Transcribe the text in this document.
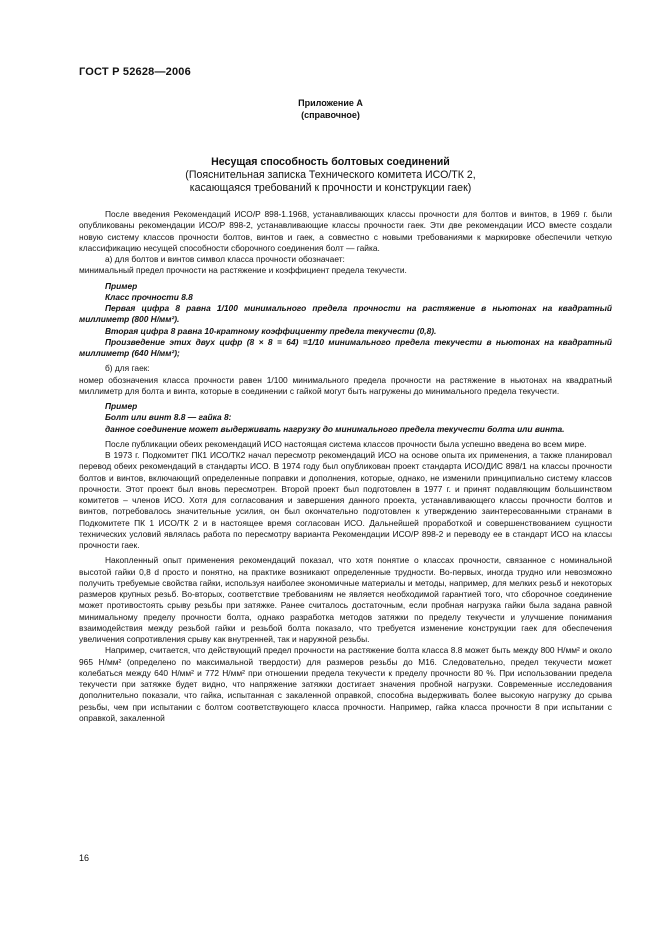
ГОСТ Р 52628—2006
Приложение А
(справочное)
Несущая способность болтовых соединений
(Пояснительная записка Технического комитета ИСО/ТК 2,
касающаяся требований к прочности и конструкции гаек)

После введения Рекомендаций ИСО/Р 898-1.1968, устанавливающих классы прочности для болтов и винтов, в 1969 г. были опубликованы рекомендации ИСО/Р 898-2, устанавливающие классы прочности гаек. Эти две рекомендации ИСО вместе создали новую систему классов прочности болтов, винтов и гаек, а совместно с новыми требованиями к маркировке обеспечили четкую классификацию несущей способности сборочного соединения болт — гайка.

а) для болтов и винтов символ класса прочности обозначает:

минимальный предел прочности на растяжение и коэффициент предела текучести.

Пример

Класс прочности 8.8

Первая цифра 8 равна 1/100 минимального предела прочности на растяжение в ньютонах на квадратный миллиметр (800 Н/мм²).

Вторая цифра 8 равна 10-кратному коэффициенту предела текучести (0,8).

Произведение этих двух цифр (8 × 8 = 64) =1/10 минимального предела текучести в ньютонах на квадратный миллиметр (640 Н/мм²);

б) для гаек:

номер обозначения класса прочности равен 1/100 минимального предела прочности на растяжение в ньютонах на квадратный миллиметр для болта и винта, которые в соединении с гайкой могут быть нагружены до минимального предела текучести.

Пример

Болт или винт 8.8 — гайка 8:

данное соединение может выдерживать нагрузку до минимального предела текучести болта или винта.

После публикации обеих рекомендаций ИСО настоящая система классов прочности была успешно введена во всем мире.

В 1973 г. Подкомитет ПК1 ИСО/ТК2 начал пересмотр рекомендаций ИСО на основе опыта их применения, а также планировал перевод обеих рекомендаций в стандарты ИСО. В 1974 году был опубликован проект стандарта ИСО/ДИС 898/1 на классы прочности болтов и винтов, включающий определенные поправки и дополнения, которые, однако, не изменили принципиально систему классов прочности. Этот проект был вновь пересмотрен. Второй проект был подготовлен в 1977 г. и принят подавляющим большинством комитетов – членов ИСО. Хотя для согласования и завершения данного проекта, устанавливающего классы прочности болтов и винтов, потребовалось значительные усилия, он был окончательно подготовлен к утверждению заинтересованными странами в Подкомитете ПК 1 ИСО/ТК 2 и в настоящее время согласован ИСО. Дальнейшей проработкой и совершенствованием сущности технических условий являлась работа по пересмотру варианта Рекомендации ИСО/Р 898-2 и переводу ее в стандарт ИСО на классы прочности гаек.

Накопленный опыт применения рекомендаций показал, что хотя понятие о классах прочности, связанное с номинальной высотой гайки 0,8 d просто и понятно, на практике возникают определенные трудности. Во-первых, иногда трудно или невозможно получить требуемые свойства гайки, используя наиболее экономичные материалы и методы, например, для мелких резьб и некоторых размеров крупных резьб. Во-вторых, соответствие требованиям не является необходимой гарантией того, что сборочное соединение может противостоять срыву резьбы при затяжке. Ранее считалось достаточным, если пробная нагрузка гайки была задана равной минимальному пределу прочности болта, однако разработка методов затяжки по пределу текучести и улучшение понимания взаимодействия между резьбой гайки и резьбой болта показало, что требуется изменение конструкции гаек для обеспечения увеличения сопротивления срыву как внутренней, так и наружной резьбы.

Например, считается, что действующий предел прочности на растяжение болта класса 8.8 может быть между 800 Н/мм² и около 965 Н/мм² (определено по максимальной твердости) для размеров резьбы до М16. Следовательно, предел текучести может колебаться между 640 Н/мм² и 772 Н/мм² при отношении предела текучести к пределу прочности 80 %. При использовании предела текучести при затяжке будет видно, что напряжение затяжки достигает значения пробной нагрузки. Современные исследования дополнительно показали, что гайка, испытанная с закаленной оправкой, способна выдерживать более высокую нагрузку до срыва резьбы, чем при испытании с болтом соответствующего класса прочности. Например, гайка класса прочности 8 при испытании с оправкой, закаленной

16
